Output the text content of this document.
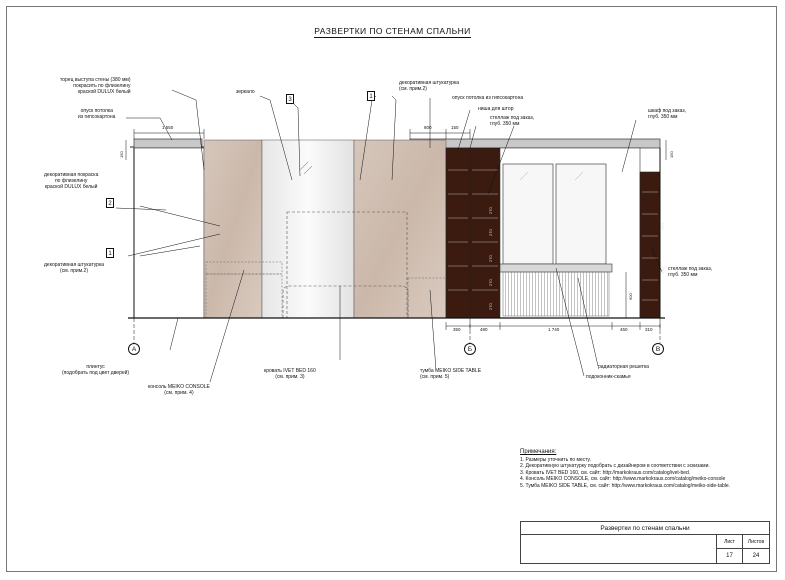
РАЗВЕРТКИ ПО СТЕНАМ СПАЛЬНИ
торец выступа стены (380 мм)
покрасить по флизелину
краской DULUX белый
опуск потолка
из гипсокартона
зеркало
3
декоративная штукатурка
(см. прим.2)
1	опуск потолка из гипсокартона
ниша для штор
стеллаж под заказ,
глуб. 350 мм
шкаф под заказ,
глуб. 350 мм
декоративная покраска
по флизелину
краской DULUX белый
2
1
декоративная штукатурка
(см. прим.2)	стеллаж под заказ,
глуб. 350 мм
1 550	800	150
150	150
900
350	480	1 740	450	310
270
270
270
270
270
270
270
А	Б	В
плинтус
(подобрать под цвет дверей)
консоль MEIKO CONSOLE
(см. прим. 4)
кровать IVET BED 160
(см. прим. 3)
тумба MEIKO SIDE TABLE
(см. прим. 5)
радиаторная решетка
подоконник-скамья
Примечания:
1. Размеры уточнить по месту.
2. Декоративную штукатурку подобрать с дизайнером в соответствии с эскизами.
3. Кровать IVET BED 160, см. сайт: http://markokraus.com/catalog/ivet-bed.
4. Консоль MEIKO CONSOLE, см. сайт: http://www.markokraus.com/catalog/meiko-console
5. Тумба MEIKO SIDE TABLE, см. сайт: http://www.markokraus.com/catalog/meiko-side-table.
Развертки по стенам спальни
Лист	Листов
17	24
